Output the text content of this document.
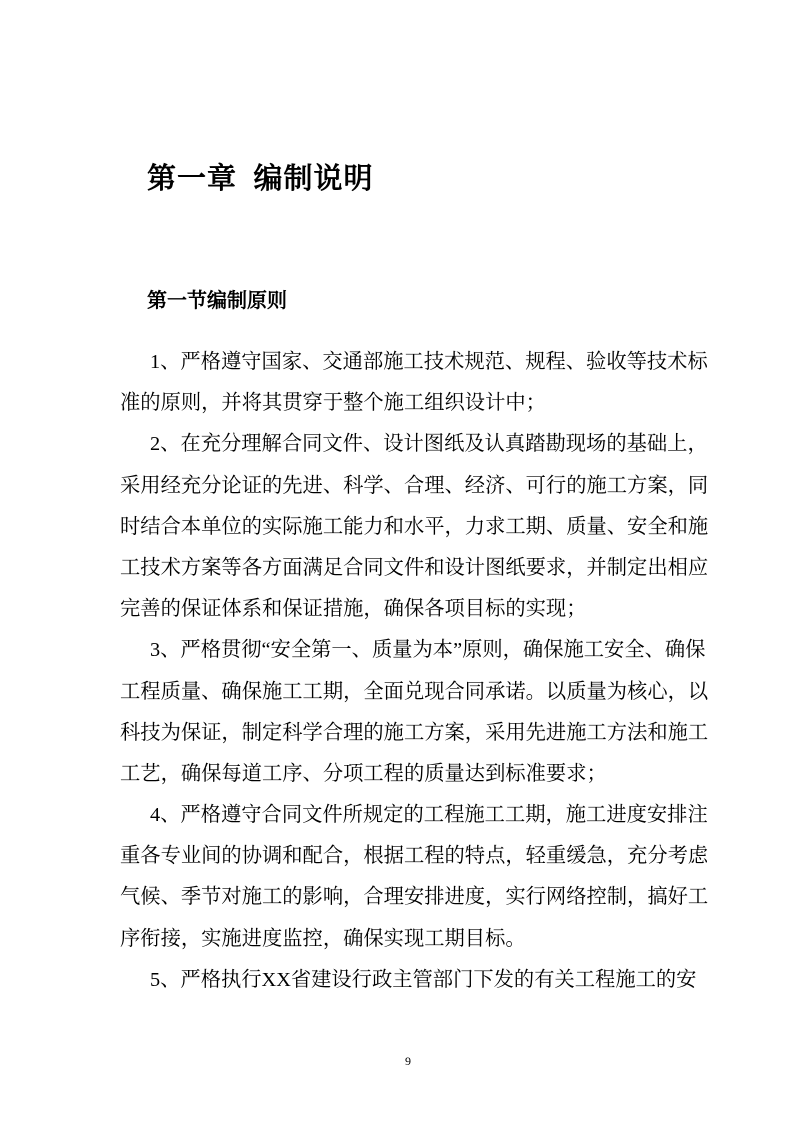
第一章  编制说明
第一节编制原则
1、严格遵守国家、交通部施工技术规范、规程、验收等技术标
准的原则，并将其贯穿于整个施工组织设计中；
2、在充分理解合同文件、设计图纸及认真踏勘现场的基础上，
采用经充分论证的先进、科学、合理、经济、可行的施工方案，同
时结合本单位的实际施工能力和水平，力求工期、质量、安全和施
工技术方案等各方面满足合同文件和设计图纸要求，并制定出相应
完善的保证体系和保证措施，确保各项目标的实现；
3、严格贯彻“安全第一、质量为本”原则，确保施工安全、确保
工程质量、确保施工工期，全面兑现合同承诺。以质量为核心，以
科技为保证，制定科学合理的施工方案，采用先进施工方法和施工
工艺，确保每道工序、分项工程的质量达到标准要求；
4、严格遵守合同文件所规定的工程施工工期，施工进度安排注
重各专业间的协调和配合，根据工程的特点，轻重缓急，充分考虑
气候、季节对施工的影响，合理安排进度，实行网络控制，搞好工
序衔接，实施进度监控，确保实现工期目标。
5、严格执行XX省建设行政主管部门下发的有关工程施工的安
9
